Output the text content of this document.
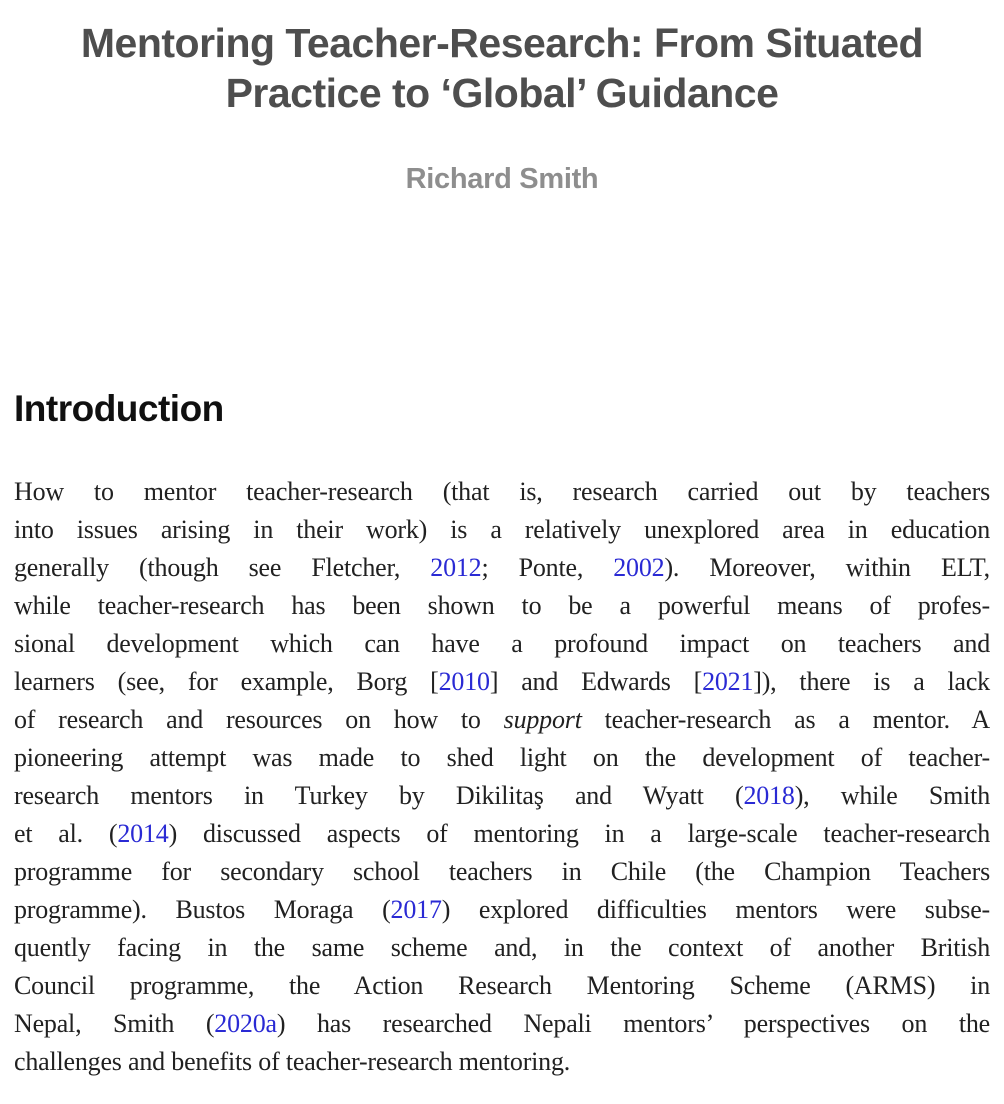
Mentoring Teacher-Research: From Situated
Practice to ‘Global’ Guidance
Richard Smith
Introduction
How to mentor teacher-research (that is, research carried out by teachers
into issues arising in their work) is a relatively unexplored area in education
generally (though see Fletcher, 2012; Ponte, 2002). Moreover, within ELT,
while teacher-research has been shown to be a powerful means of profes-
sional development which can have a profound impact on teachers and
learners (see, for example, Borg [2010] and Edwards [2021]), there is a lack
of research and resources on how to support teacher-research as a mentor. A
pioneering attempt was made to shed light on the development of teacher-
research mentors in Turkey by Dikilitaş and Wyatt (2018), while Smith
et al. (2014) discussed aspects of mentoring in a large-scale teacher-research
programme for secondary school teachers in Chile (the Champion Teachers
programme). Bustos Moraga (2017) explored difficulties mentors were subse-
quently facing in the same scheme and, in the context of another British
Council programme, the Action Research Mentoring Scheme (ARMS) in
Nepal, Smith (2020a) has researched Nepali mentors’ perspectives on the
challenges and benefits of teacher-research mentoring.
